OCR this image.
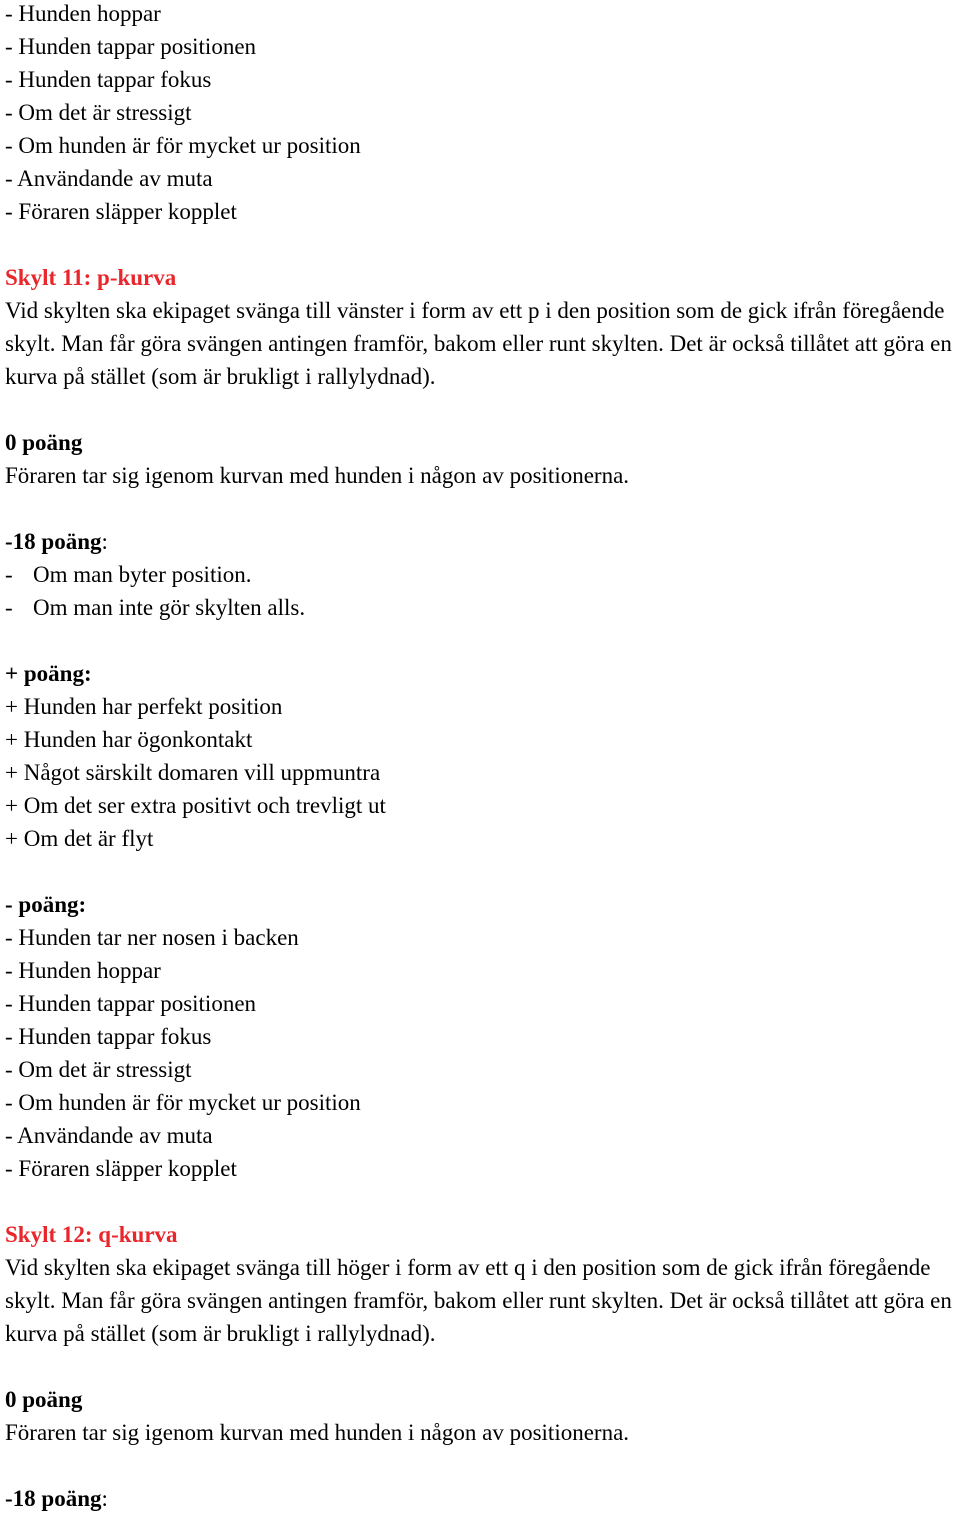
- Hunden hoppar

- Hunden tappar positionen

- Hunden tappar fokus

- Om det är stressigt

- Om hunden är för mycket ur position

- Användande av muta

- Föraren släpper kopplet

Skylt 11: p-kurva

Vid skylten ska ekipaget svänga till vänster i form av ett p i den position som de gick ifrån föregående skylt. Man får göra svängen antingen framför, bakom eller runt skylten. Det är också tillåtet att göra en kurva på stället (som är brukligt i rallylydnad).

0 poäng

Föraren tar sig igenom kurvan med hunden i någon av positionerna.

-18 poäng:

- Om man byter position.
- Om man inte gör skylten alls.

+ poäng:

+ Hunden har perfekt position

+ Hunden har ögonkontakt

+ Något särskilt domaren vill uppmuntra

+ Om det ser extra positivt och trevligt ut

+ Om det är flyt

- poäng:

- Hunden tar ner nosen i backen

- Hunden hoppar

- Hunden tappar positionen

- Hunden tappar fokus

- Om det är stressigt

- Om hunden är för mycket ur position

- Användande av muta

- Föraren släpper kopplet

Skylt 12: q-kurva

Vid skylten ska ekipaget svänga till höger i form av ett q i den position som de gick ifrån föregående skylt. Man får göra svängen antingen framför, bakom eller runt skylten. Det är också tillåtet att göra en kurva på stället (som är brukligt i rallylydnad).

0 poäng

Föraren tar sig igenom kurvan med hunden i någon av positionerna.

-18 poäng:
